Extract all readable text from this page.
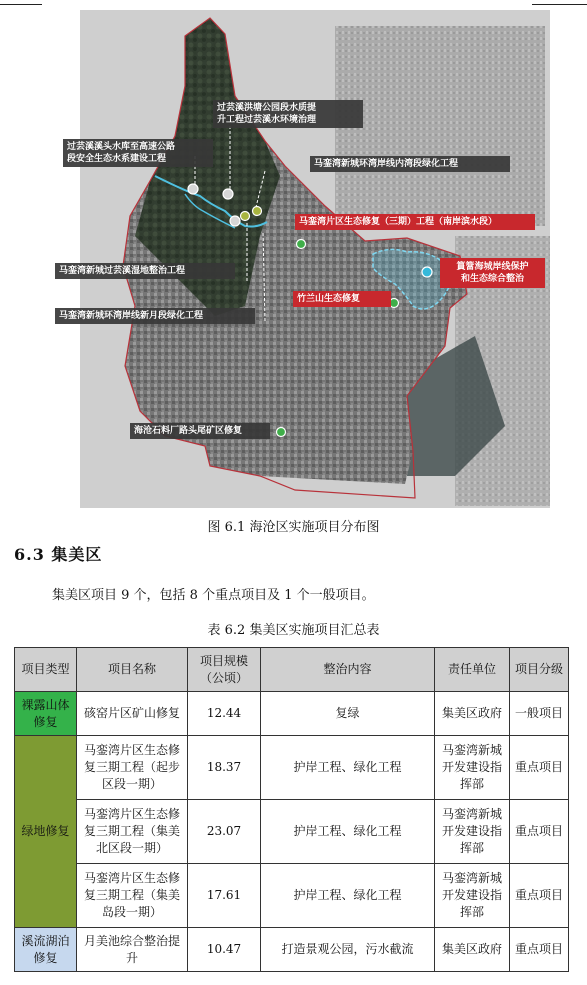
过芸溪洪塘公园段水质提
升工程过芸溪水环境治理
过芸溪溪头水库至高速公路
段安全生态水系建设工程	马銮湾新城环湾岸线内湾段绿化工程
马銮湾片区生态修复（三期）工程（南岸滨水段）
马銮湾新城过芸溪湿地整治工程	篔簹海城岸线保护
和生态综合整治
竹兰山生态修复
马銮湾新城环湾岸线新月段绿化工程
海沧石料厂路头尾矿区修复
图 6.1 海沧区实施项目分布图
6.3 集美区
集美区项目 9 个，包括 8 个重点项目及 1 个一般项目。
表 6.2 集美区实施项目汇总表
项目类型	项目名称	项目规模（公顷）	整治内容	责任单位	项目分级
裸露山体修复	硋窑片区矿山修复	12.44	复绿	集美区政府	一般项目
绿地修复	马銮湾片区生态修复三期工程（起步区段一期）	18.37	护岸工程、绿化工程	马銮湾新城开发建设指挥部	重点项目
	马銮湾片区生态修复三期工程（集美北区段一期）	23.07	护岸工程、绿化工程	马銮湾新城开发建设指挥部	重点项目
	马銮湾片区生态修复三期工程（集美岛段一期）	17.61	护岸工程、绿化工程	马銮湾新城开发建设指挥部	重点项目
溪流湖泊修复	月美池综合整治提升	10.47	打造景观公园，污水截流	集美区政府	重点项目
